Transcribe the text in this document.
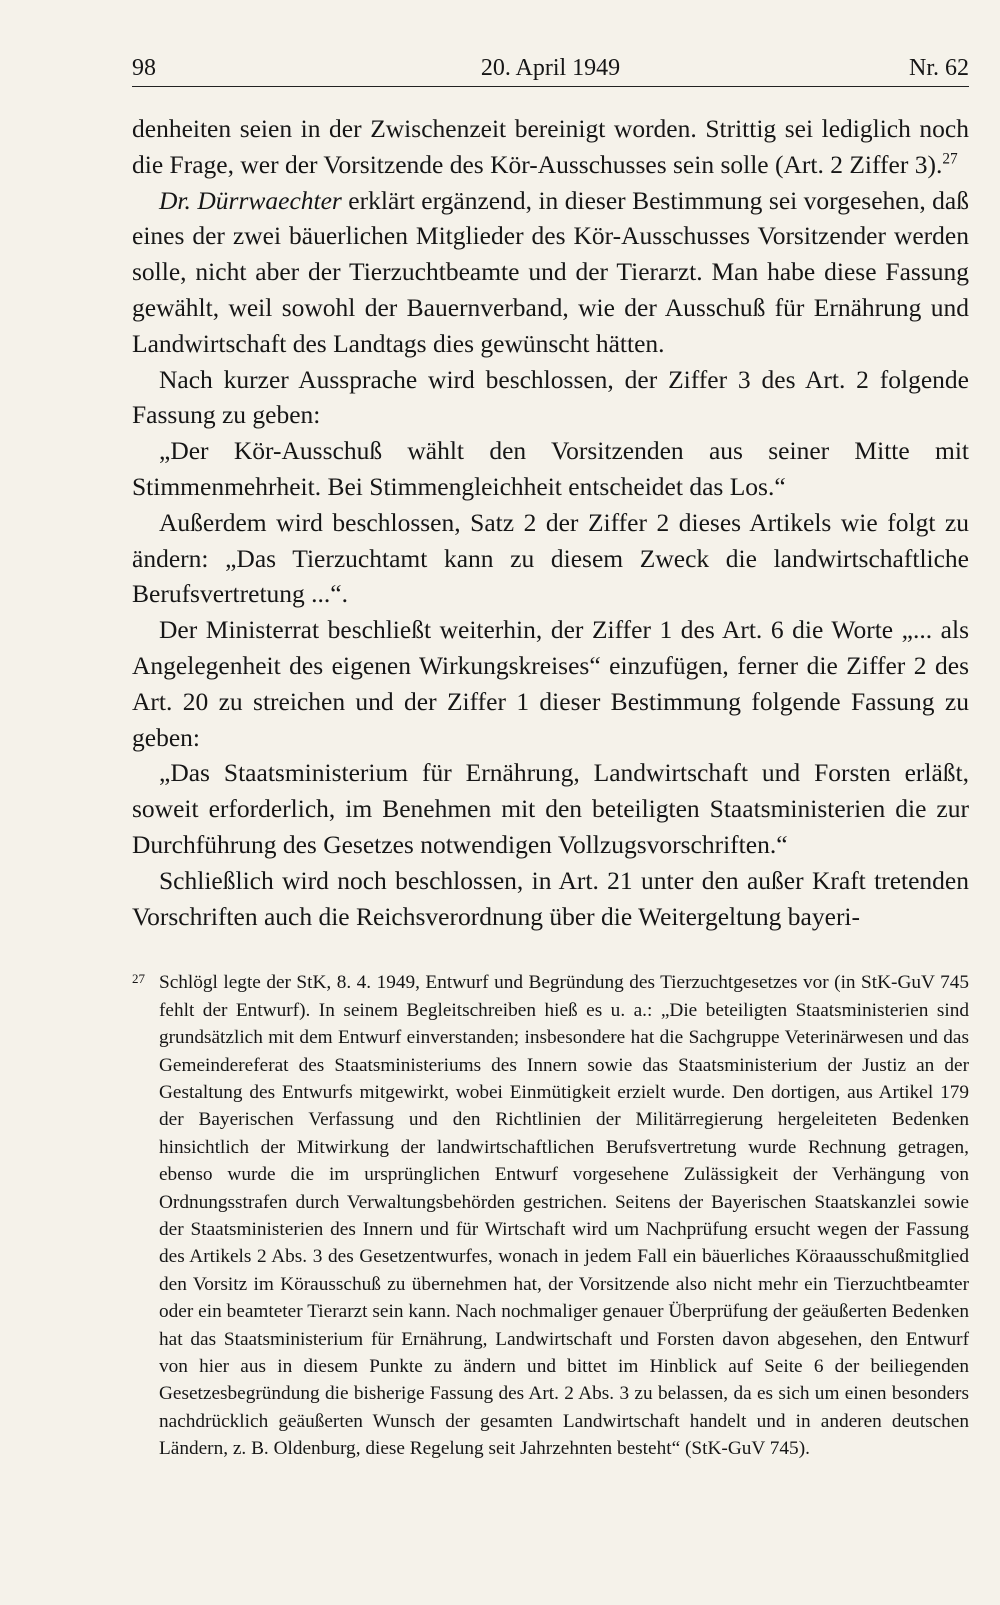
98	20. April 1949	Nr. 62

denheiten seien in der Zwischenzeit bereinigt worden. Strittig sei lediglich noch die Frage, wer der Vorsitzende des Kör-Ausschusses sein solle (Art. 2 Ziffer 3).$^{27}$

Dr. Dürrwaechter erklärt ergänzend, in dieser Bestimmung sei vorgesehen, daß eines der zwei bäuerlichen Mitglieder des Kör-Ausschusses Vorsitzender werden solle, nicht aber der Tierzuchtbeamte und der Tierarzt. Man habe diese Fassung gewählt, weil sowohl der Bauernverband, wie der Ausschuß für Ernährung und Landwirtschaft des Landtags dies gewünscht hätten.

Nach kurzer Aussprache wird beschlossen, der Ziffer 3 des Art. 2 folgende Fassung zu geben:

„Der Kör-Ausschuß wählt den Vorsitzenden aus seiner Mitte mit Stimmenmehrheit. Bei Stimmengleichheit entscheidet das Los.“

Außerdem wird beschlossen, Satz 2 der Ziffer 2 dieses Artikels wie folgt zu ändern: „Das Tierzuchtamt kann zu diesem Zweck die landwirtschaftliche Berufsvertretung ...“.

Der Ministerrat beschließt weiterhin, der Ziffer 1 des Art. 6 die Worte „... als Angelegenheit des eigenen Wirkungskreises“ einzufügen, ferner die Ziffer 2 des Art. 20 zu streichen und der Ziffer 1 dieser Bestimmung folgende Fassung zu geben:

„Das Staatsministerium für Ernährung, Landwirtschaft und Forsten erläßt, soweit erforderlich, im Benehmen mit den beteiligten Staatsministerien die zur Durchführung des Gesetzes notwendigen Vollzugsvorschriften.“

Schließlich wird noch beschlossen, in Art. 21 unter den außer Kraft tretenden Vorschriften auch die Reichsverordnung über die Weitergeltung bayeri-

27 Schlögl legte der StK, 8. 4. 1949, Entwurf und Begründung des Tierzuchtgesetzes vor (in StK-GuV 745 fehlt der Entwurf). In seinem Begleitschreiben hieß es u. a.: „Die beteiligten Staatsministerien sind grundsätzlich mit dem Entwurf einverstanden; insbesondere hat die Sachgruppe Veterinärwesen und das Gemeindereferat des Staatsministeriums des Innern sowie das Staatsministerium der Justiz an der Gestaltung des Entwurfs mitgewirkt, wobei Einmütigkeit erzielt wurde. Den dortigen, aus Artikel 179 der Bayerischen Verfassung und den Richtlinien der Militärregierung hergeleiteten Bedenken hinsichtlich der Mitwirkung der landwirtschaftlichen Berufsvertretung wurde Rechnung getragen, ebenso wurde die im ursprünglichen Entwurf vorgesehene Zulässigkeit der Verhängung von Ordnungsstrafen durch Verwaltungsbehörden gestrichen. Seitens der Bayerischen Staatskanzlei sowie der Staatsministerien des Innern und für Wirtschaft wird um Nachprüfung ersucht wegen der Fassung des Artikels 2 Abs. 3 des Gesetzentwurfes, wonach in jedem Fall ein bäuerliches Köraausschußmitglied den Vorsitz im Körausschuß zu übernehmen hat, der Vorsitzende also nicht mehr ein Tierzuchtbeamter oder ein beamteter Tierarzt sein kann. Nach nochmaliger genauer Überprüfung der geäußerten Bedenken hat das Staatsministerium für Ernährung, Landwirtschaft und Forsten davon abgesehen, den Entwurf von hier aus in diesem Punkte zu ändern und bittet im Hinblick auf Seite 6 der beiliegenden Gesetzesbegründung die bisherige Fassung des Art. 2 Abs. 3 zu belassen, da es sich um einen besonders nachdrücklich geäußerten Wunsch der gesamten Landwirtschaft handelt und in anderen deutschen Ländern, z. B. Oldenburg, diese Regelung seit Jahrzehnten besteht“ (StK-GuV 745).
